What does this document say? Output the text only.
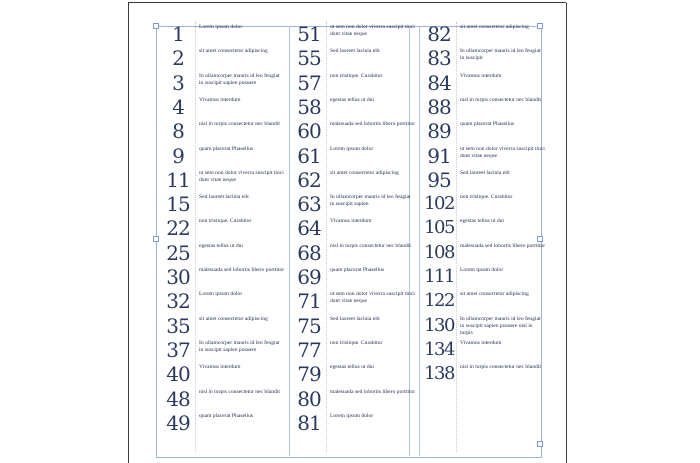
1	Lorem ipsum dolor
2	sit amet consectetur adipiscing
3	In ullamcorper mauris id leo feugiat in suscipit sapien posuere
4	Vivamus interdum
8	nisl in turpis consectetur nec blandit
9	quam placerat Phasellus
11	ut sem non dolor viverra suscipit tinci dunt vitae neque
15	Sed laoreet lacinia elit
22	non tristique. Curabitur
25	egestas tellus ut dui
30	malesuada sed lobortis libero porttitor
32	Lorem ipsum dolor
35	sit amet consectetur adipiscing
37	In ullamcorper mauris id leo feugiat in suscipit sapien posuere
40	Vivamus interdum
48	nisl in turpis consectetur nec blandit
49	quam placerat Phasellus
51	ut sem non dolor viverra suscipit tinci dunt vitae neque
55	Sed laoreet lacinia elit
57	non tristique. Curabitur
58	egestas tellus ut dui
60	malesuada sed lobortis libero porttitor
61	Lorem ipsum dolor
62	sit amet consectetur adipiscing
63	In ullamcorper mauris id leo feugiat in suscipit sapien
64	Vivamus interdum
68	nisl in turpis consectetur nec blandit
69	quam placerat Phasellus
71	ut sem non dolor viverra suscipit tinci dunt vitae neque
75	Sed laoreet lacinia elit
77	non tristique. Curabitur
79	egestas tellus ut dui
80	malesuada sed lobortis libero porttitor
81	Lorem ipsum dolor
82	sit amet consectetur adipiscing
83	In ullamcorper mauris id leo feugiat in suscipit
84	Vivamus interdum
88	nisl in turpis consectetur nec blandit
89	quam placerat Phasellus
91	ut sem non dolor viverra suscipit tinci dunt vitae neque
95	Sed laoreet lacinia elit
102	non tristique. Curabitur
105	egestas tellus ut dui
108	malesuada sed lobortis libero porttitor
111	Lorem ipsum dolor
122	sit amet consectetur adipiscing
130	In ullamcorper mauris id leo feugiat in suscipit sapien posuere nisl in turpis
134	Vivamus interdum
138	nisl in turpis consectetur nec blandit
